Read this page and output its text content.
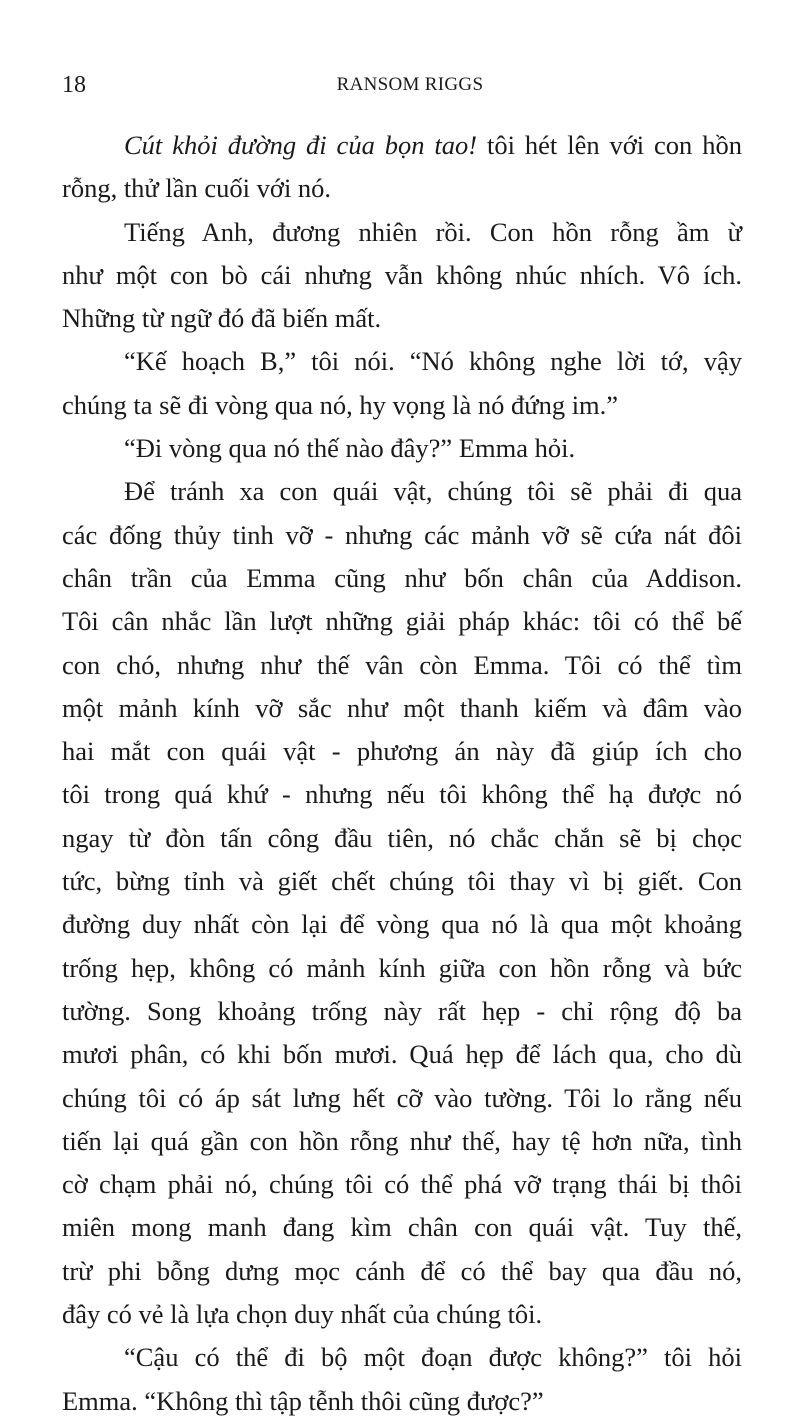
18	RANSOM RIGGS
Cút khỏi đường đi của bọn tao! tôi hét lên với con hồn
rỗng, thử lần cuối với nó.
Tiếng Anh, đương nhiên rồi. Con hồn rỗng ầm ừ
như một con bò cái nhưng vẫn không nhúc nhích. Vô ích.
Những từ ngữ đó đã biến mất.
“Kế hoạch B,” tôi nói. “Nó không nghe lời tớ, vậy
chúng ta sẽ đi vòng qua nó, hy vọng là nó đứng im.”
“Đi vòng qua nó thế nào đây?” Emma hỏi.
Để tránh xa con quái vật, chúng tôi sẽ phải đi qua
các đống thủy tinh vỡ - nhưng các mảnh vỡ sẽ cứa nát đôi
chân trần của Emma cũng như bốn chân của Addison.
Tôi cân nhắc lần lượt những giải pháp khác: tôi có thể bế
con chó, nhưng như thế vân còn Emma. Tôi có thể tìm
một mảnh kính vỡ sắc như một thanh kiếm và đâm vào
hai mắt con quái vật - phương án này đã giúp ích cho
tôi trong quá khứ - nhưng nếu tôi không thể hạ được nó
ngay từ đòn tấn công đầu tiên, nó chắc chắn sẽ bị chọc
tức, bừng tỉnh và giết chết chúng tôi thay vì bị giết. Con
đường duy nhất còn lại để vòng qua nó là qua một khoảng
trống hẹp, không có mảnh kính giữa con hồn rỗng và bức
tường. Song khoảng trống này rất hẹp - chỉ rộng độ ba
mươi phân, có khi bốn mươi. Quá hẹp để lách qua, cho dù
chúng tôi có áp sát lưng hết cỡ vào tường. Tôi lo rằng nếu
tiến lại quá gần con hồn rỗng như thế, hay tệ hơn nữa, tình
cờ chạm phải nó, chúng tôi có thể phá vỡ trạng thái bị thôi
miên mong manh đang kìm chân con quái vật. Tuy thế,
trừ phi bỗng dưng mọc cánh để có thể bay qua đầu nó,
đây có vẻ là lựa chọn duy nhất của chúng tôi.
“Cậu có thể đi bộ một đoạn được không?” tôi hỏi
Emma. “Không thì tập tễnh thôi cũng được?”
